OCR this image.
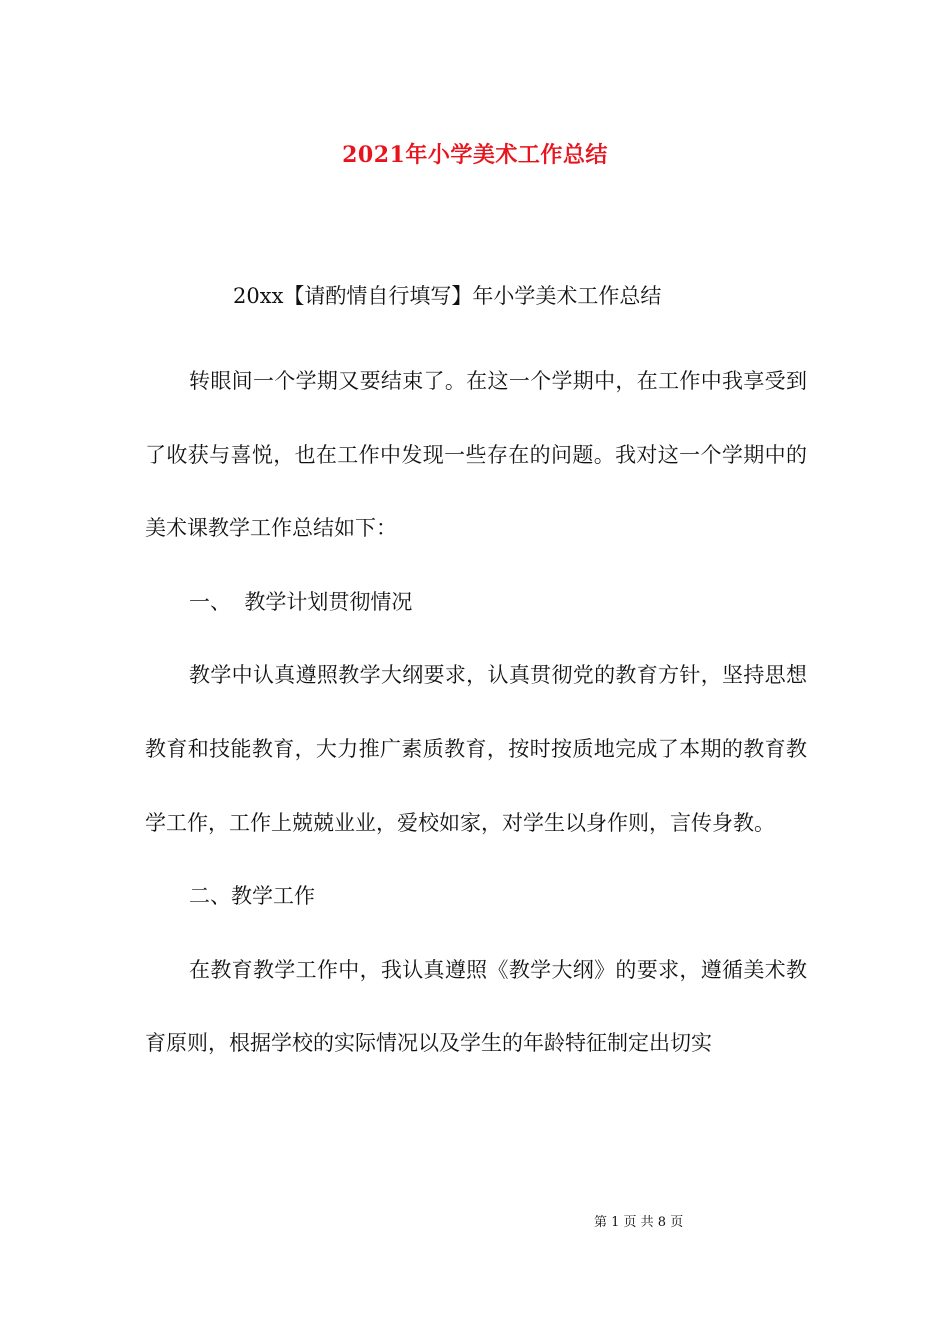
2021年小学美术工作总结
20xx【请酌情自行填写】年小学美术工作总结

转眼间一个学期又要结束了。在这一个学期中，在工作中我享受到了收获与喜悦，也在工作中发现一些存在的问题。我对这一个学期中的美术课教学工作总结如下：

一、  教学计划贯彻情况

教学中认真遵照教学大纲要求，认真贯彻党的教育方针，坚持思想教育和技能教育，大力推广素质教育，按时按质地完成了本期的教育教学工作，工作上兢兢业业，爱校如家，对学生以身作则，言传身教。

二、教学工作

在教育教学工作中，我认真遵照《教学大纲》的要求，遵循美术教育原则，根据学校的实际情况以及学生的年龄特征制定出切实

第 1 页 共 8 页
